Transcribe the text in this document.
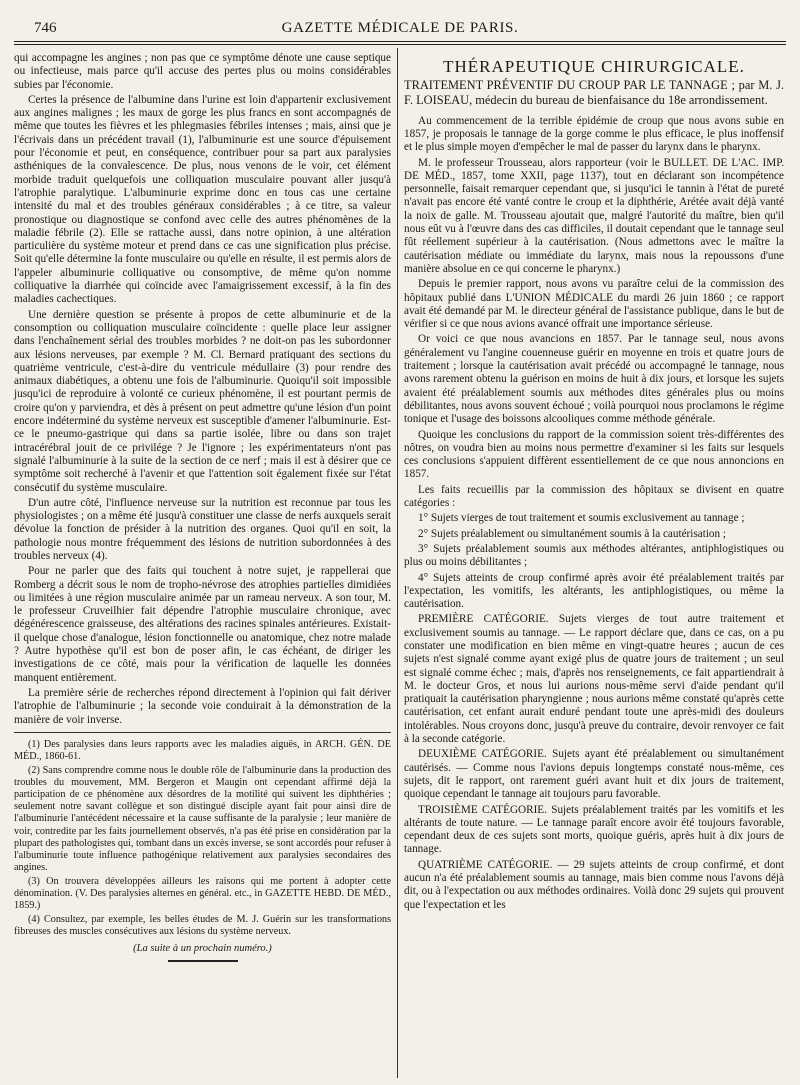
746	GAZETTE MÉDICALE DE PARIS.

qui accompagne les angines ; non pas que ce symptôme dénote une cause septique ou infectieuse, mais parce qu'il accuse des pertes plus ou moins considérables subies par l'économie.

Certes la présence de l'albumine dans l'urine est loin d'appartenir exclusivement aux angines malignes ; les maux de gorge les plus francs en sont accompagnés de même que toutes les fièvres et les phlegmasies fébriles intenses ; mais, ainsi que je l'écrivais dans un précédent travail (1), l'albuminurie est une source d'épuisement pour l'économie et peut, en conséquence, contribuer pour sa part aux paralysies asthéniques de la convalescence. De plus, nous venons de le voir, cet élément morbide traduit quelquefois une colliquation musculaire pouvant aller jusqu'à l'atrophie paralytique. L'albuminurie exprime donc en tous cas une certaine intensité du mal et des troubles généraux considérables ; à ce titre, sa valeur pronostique ou diagnostique se confond avec celle des autres phénomènes de la maladie fébrile (2). Elle se rattache aussi, dans notre opinion, à une altération particulière du système moteur et prend dans ce cas une signification plus précise. Soit qu'elle détermine la fonte musculaire ou qu'elle en résulte, il est permis alors de l'appeler albuminurie colliquative ou consomptive, de même qu'on nomme colliquative la diarrhée qui coïncide avec l'amaigrissement excessif, à la fin des maladies cachectiques.

Une dernière question se présente à propos de cette albuminurie et de la consomption ou colliquation musculaire coïncidente : quelle place leur assigner dans l'enchaînement sérial des troubles morbides ? ne doit-on pas les subordonner aux lésions nerveuses, par exemple ? M. Cl. Bernard pratiquant des sections du quatrième ventricule, c'est-à-dire du ventricule médullaire (3) pour rendre des animaux diabétiques, a obtenu une fois de l'albuminurie. Quoiqu'il soit impossible jusqu'ici de reproduire à volonté ce curieux phénomène, il est pourtant permis de croire qu'on y parviendra, et dès à présent on peut admettre qu'une lésion d'un point encore indéterminé du système nerveux est susceptible d'amener l'albuminurie. Est-ce le pneumo-gastrique qui dans sa partie isolée, libre ou dans son trajet intracérébral jouit de ce privilége ? Je l'ignore ; les expérimentateurs n'ont pas signalé l'albuminurie à la suite de la section de ce nerf ; mais il est à désirer que ce symptôme soit recherché à l'avenir et que l'attention soit également fixée sur l'état consécutif du système musculaire.

D'un autre côté, l'influence nerveuse sur la nutrition est reconnue par tous les physiologistes ; on a même été jusqu'à constituer une classe de nerfs auxquels serait dévolue la fonction de présider à la nutrition des organes. Quoi qu'il en soit, la pathologie nous montre fréquemment des lésions de nutrition subordonnées à des troubles nerveux (4).

Pour ne parler que des faits qui touchent à notre sujet, je rappellerai que Romberg a décrit sous le nom de tropho-névrose des atrophies partielles dimidiées ou limitées à une région musculaire animée par un rameau nerveux. A son tour, M. le professeur Cruveilhier fait dépendre l'atrophie musculaire chronique, avec dégénérescence graisseuse, des altérations des racines spinales antérieures. Existait-il quelque chose d'analogue, lésion fonctionnelle ou anatomique, chez notre malade ? Autre hypothèse qu'il est bon de poser afin, le cas échéant, de diriger les investigations de ce côté, mais pour la vérification de laquelle les données manquent entièrement.

La première série de recherches répond directement à l'opinion qui fait dériver l'atrophie de l'albuminurie ; la seconde voie conduirait à la démonstration de la manière de voir inverse.

(1) Des paralysies dans leurs rapports avec les maladies aiguës, in ARCH. GÉN. DE MÉD., 1860-61.

(2) Sans comprendre comme nous le double rôle de l'albuminurie dans la production des troubles du mouvement, MM. Bergeron et Maugin ont cependant affirmé déjà la participation de ce phénomène aux désordres de la motilité qui suivent les diphthéries ; seulement notre savant collègue et son distingué disciple ayant fait pour ainsi dire de l'albuminurie l'antécédent nécessaire et la cause suffisante de la paralysie ; leur manière de voir, contredite par les faits journellement observés, n'a pas été prise en considération par la plupart des pathologistes qui, tombant dans un excès inverse, se sont accordés pour refuser à l'albuminurie toute influence pathogénique relativement aux paralysies secondaires des angines.

(3) On trouvera développées ailleurs les raisons qui me portent à adopter cette dénomination. (V. Des paralysies alternes en général. etc., in GAZETTE HEBD. DE MÉD., 1859.)

(4) Consultez, par exemple, les belles études de M. J. Guérin sur les transformations fibreuses des muscles consécutives aux lésions du système nerveux.

(La suite à un prochain numéro.)

THÉRAPEUTIQUE CHIRURGICALE.

TRAITEMENT PRÉVENTIF DU CROUP PAR LE TANNAGE ; par M. J. F. LOISEAU, médecin du bureau de bienfaisance du 18e arrondissement.

Au commencement de la terrible épidémie de croup que nous avons subie en 1857, je proposais le tannage de la gorge comme le plus efficace, le plus inoffensif et le plus simple moyen d'empêcher le mal de passer du larynx dans le pharynx.

M. le professeur Trousseau, alors rapporteur (voir le BULLET. DE L'AC. IMP. DE MÉD., 1857, tome XXII, page 1137), tout en déclarant son incompétence personnelle, faisait remarquer cependant que, si jusqu'ici le tannin à l'état de pureté n'avait pas encore été vanté contre le croup et la diphthérie, Arétée avait déjà vanté la noix de galle. M. Trousseau ajoutait que, malgré l'autorité du maître, bien qu'il nous eût vu à l'œuvre dans des cas difficiles, il doutait cependant que le tannage seul fût réellement supérieur à la cautérisation. (Nous admettons avec le maître la cautérisation médiate ou immédiate du larynx, mais nous la repoussons d'une manière absolue en ce qui concerne le pharynx.)

Depuis le premier rapport, nous avons vu paraître celui de la commission des hôpitaux publié dans L'UNION MÉDICALE du mardi 26 juin 1860 ; ce rapport avait été demandé par M. le directeur général de l'assistance publique, dans le but de vérifier si ce que nous avions avancé offrait une importance sérieuse.

Or voici ce que nous avancions en 1857. Par le tannage seul, nous avons généralement vu l'angine couenneuse guérir en moyenne en trois et quatre jours de traitement ; lorsque la cautérisation avait précédé ou accompagné le tannage, nous avons rarement obtenu la guérison en moins de huit à dix jours, et lorsque les sujets avaient été préalablement soumis aux méthodes dites générales plus ou moins débilitantes, nous avons souvent échoué ; voilà pourquoi nous proclamons le régime tonique et l'usage des boissons alcooliques comme méthode générale.

Quoique les conclusions du rapport de la commission soient très-différentes des nôtres, on voudra bien au moins nous permettre d'examiner si les faits sur lesquels ces conclusions s'appuient diffèrent essentiellement de ce que nous annoncions en 1857.

Les faits recueillis par la commission des hôpitaux se divisent en quatre catégories :

1° Sujets vierges de tout traitement et soumis exclusivement au tannage ;

2° Sujets préalablement ou simultanément soumis à la cautérisation ;

3° Sujets préalablement soumis aux méthodes altérantes, antiphlogistiques ou plus ou moins débilitantes ;

4° Sujets atteints de croup confirmé après avoir été préalablement traités par l'expectation, les vomitifs, les altérants, les antiphlogistiques, ou même la cautérisation.

PREMIÈRE CATÉGORIE. Sujets vierges de tout autre traitement et exclusivement soumis au tannage. — Le rapport déclare que, dans ce cas, on a pu constater une modification en bien même en vingt-quatre heures ; aucun de ces sujets n'est signalé comme ayant exigé plus de quatre jours de traitement ; un seul est signalé comme échec ; mais, d'après nos renseignements, ce fait appartiendrait à M. le docteur Gros, et nous lui aurions nous-même servi d'aide pendant qu'il pratiquait la cautérisation pharyngienne ; nous aurions même constaté qu'après cette cautérisation, cet enfant aurait enduré pendant toute une après-midi des douleurs intolérables. Nous croyons donc, jusqu'à preuve du contraire, devoir renvoyer ce fait à la seconde catégorie.

DEUXIÈME CATÉGORIE. Sujets ayant été préalablement ou simultanément cautérisés. — Comme nous l'avions depuis longtemps constaté nous-même, ces sujets, dit le rapport, ont rarement guéri avant huit et dix jours de traitement, quoique cependant le tannage ait toujours paru favorable.

TROISIÈME CATÉGORIE. Sujets préalablement traités par les vomitifs et les altérants de toute nature. — Le tannage paraît encore avoir été toujours favorable, cependant deux de ces sujets sont morts, quoique guéris, après huit à dix jours de tannage.

QUATRIÈME CATÉGORIE. — 29 sujets atteints de croup confirmé, et dont aucun n'a été préalablement soumis au tannage, mais bien comme nous l'avons déjà dit, ou à l'expectation ou aux méthodes ordinaires. Voilà donc 29 sujets qui prouvent que l'expectation et les
